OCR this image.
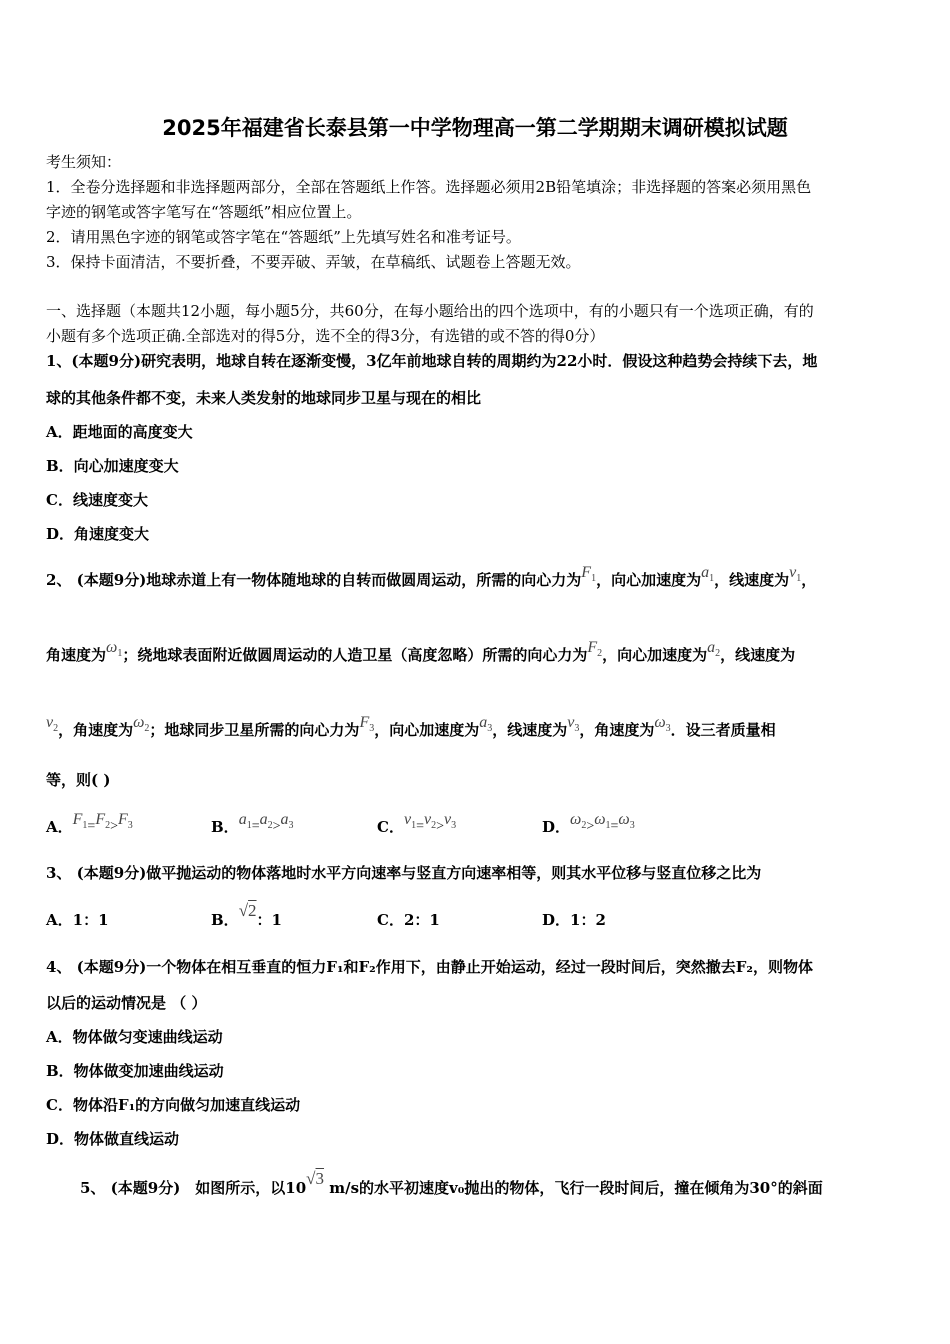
2025年福建省长泰县第一中学物理高一第二学期期末调研模拟试题
考生须知：
1．全卷分选择题和非选择题两部分，全部在答题纸上作答。选择题必须用2B铅笔填涂；非选择题的答案必须用黑色
字迹的钢笔或答字笔写在“答题纸”相应位置上。
2．请用黑色字迹的钢笔或答字笔在“答题纸”上先填写姓名和准考证号。
3．保持卡面清洁，不要折叠，不要弄破、弄皱，在草稿纸、试题卷上答题无效。
一、选择题（本题共12小题，每小题5分，共60分，在每小题给出的四个选项中，有的小题只有一个选项正确，有的
小题有多个选项正确.全部选对的得5分，选不全的得3分，有选错的或不答的得0分）
1、(本题9分)研究表明，地球自转在逐渐变慢，3亿年前地球自转的周期约为22小时．假设这种趋势会持续下去，地
球的其他条件都不变，未来人类发射的地球同步卫星与现在的相比
A．距地面的高度变大
B．向心加速度变大
C．线速度变大
D．角速度变大
2、 (本题9分)地球赤道上有一物体随地球的自转而做圆周运动，所需的向心力为$F_1$，向心加速度为$a_1$，线速度为$v_1$，
角速度为$\omega_1$；绕地球表面附近做圆周运动的人造卫星（高度忽略）所需的向心力为$F_2$，向心加速度为$a_2$，线速度为
$v_2$，角速度为$\omega_2$；地球同步卫星所需的向心力为$F_3$，向心加速度为$a_3$，线速度为$v_3$，角速度为$\omega_3$．设三者质量相
等，则( )
A．$F_1=F_2>F_3$	B．$a_1=a_2>a_3$	C．$v_1=v_2>v_3$	D．$\omega_2>\omega_1=\omega_3$
3、 (本题9分)做平抛运动的物体落地时水平方向速率与竖直方向速率相等，则其水平位移与竖直位移之比为
A．1：1	B．√2：1	C．2：1	D．1：2
4、 (本题9分)一个物体在相互垂直的恒力F₁和F₂作用下，由静止开始运动，经过一段时间后，突然撤去F₂，则物体
以后的运动情况是 （ ）
A．物体做匀变速曲线运动
B．物体做变加速曲线运动
C．物体沿F₁的方向做匀加速直线运动
D．物体做直线运动
5、 (本题9分)　如图所示，以10√3 m/s的水平初速度v₀抛出的物体，飞行一段时间后，撞在倾角为30°的斜面
